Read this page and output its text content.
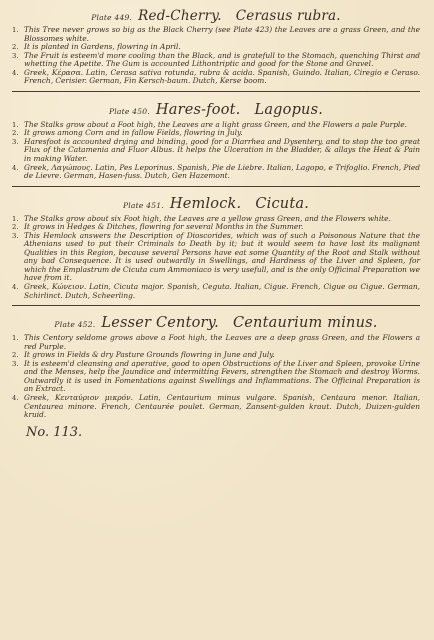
Plate 449. Red-Cherry. Cerasus rubra.
1. This Tree never grows so big as the Black Cherry (see Plate 423) the Leaves are a grass Green, and the Blossomes white.
2. It is planted in Gardens, flowring in April.
3. The Fruit is esteem'd more cooling than the Black, and is gratefull to the Stomach, quenching Thirst and whetting the Apetite. The Gum is accounted Lithontriptic and good for the Stone and Gravel.
4. Greek, Κέρασα. Latin, Cerasa sativa rotunda, rubra & acida. Spanish, Guindo. Italian, Ciregio e Ceraso. French, Cerisier. German, Fin Kersch-baum. Dutch, Kerse boom.
Plate 450. Hares-foot. Lagopus.
1. The Stalks grow about a Foot high, the Leaves are a light grass Green, and the Flowers a pale Purple.
2. It grows among Corn and in fallow Fields, flowring in July.
3. Haresfoot is accounted drying and binding, good for a Diarrhea and Dysentery, and to stop the too great Flux of the Catamenia and Fluor Albus. It helps the Ulceration in the Bladder, & allays the Heat & Pain in making Water.
4. Greek, Λαγώπους. Latin, Pes Leporinus. Spanish, Pie de Liebre. Italian, Lagopo, e Trifoglio. French, Pied de Lievre. German, Hasen-fuss. Dutch, Gen Hazemont.
Plate 451. Hemlock. Cicuta.
1. The Stalks grow about six Foot high, the Leaves are a yellow grass Green, and the Flowers white.
2. It grows in Hedges & Ditches, flowring for several Months in the Summer.
3. This Hemlock answers the Description of Dioscorides, which was of such a Poisonous Nature that the Athenians used to put their Criminals to Death by it; but it would seem to have lost its malignant Qualities in this Region, because several Persons have eat some Quantity of the Root and Stalk without any bad Consequence. It is used outwardly in Swellings, and Hardness of the Liver and Spleen, for which the Emplastrum de Cicuta cum Ammoniaco is very usefull, and is the only Officinal Preparation we have from it.
4. Greek, Κώνειον. Latin, Cicuta major. Spanish, Ceguta. Italian, Cigue. French, Cigue ou Cigue. German, Schirlinct. Dutch, Scheerling.
Plate 452. Lesser Centory. Centaurium minus.
1. This Centory seldome grows above a Foot high, the Leaves are a deep grass Green, and the Flowers a red Purple.
2. It grows in Fields & dry Pasture Grounds flowring in June and July.
3. It is esteem'd cleansing and aperative, good to open Obstructions of the Liver and Spleen, provoke Urine and the Menses, help the Jaundice and intermitting Fevers, strengthen the Stomach and destroy Worms. Outwardly it is used in Fomentations against Swellings and Inflammations. The Officinal Preparation is an Extract.
4. Greek, Κενταύριον μικρόν. Latin, Centaurium minus vulgare. Spanish, Centaura menor. Italian, Centaurea minore. French, Centaurée poulet. German, Zansent-gulden kraut. Dutch, Duizen-gulden kruid.
No. 113.
